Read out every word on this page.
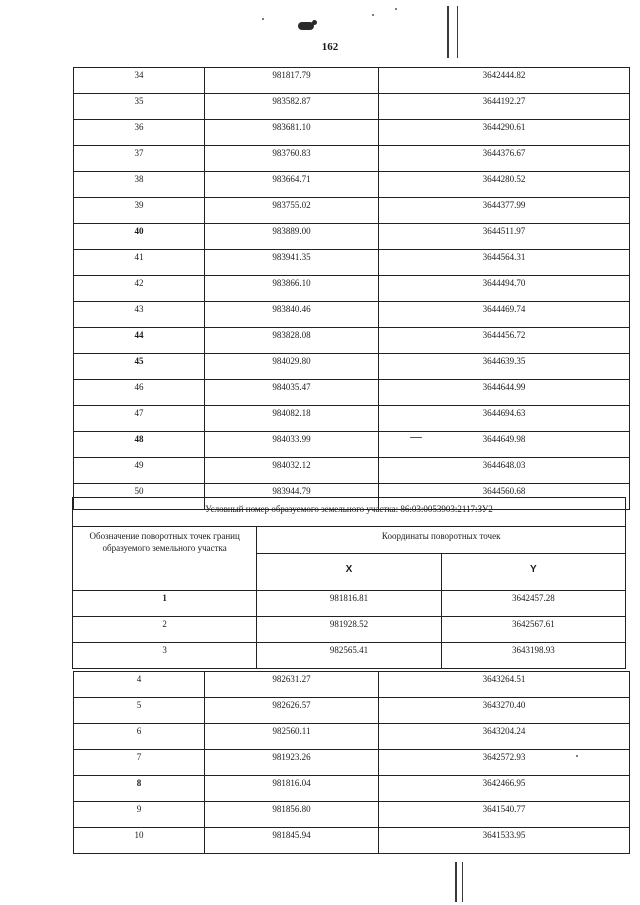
162
34	981817.79	3642444.82
35	983582.87	3644192.27
36	983681.10	3644290.61
37	983760.83	3644376.67
38	983664.71	3644280.52
39	983755.02	3644377.99
40	983889.00	3644511.97
41	983941.35	3644564.31
42	983866.10	3644494.70
43	983840.46	3644469.74
44	983828.08	3644456.72
45	984029.80	3644639.35
46	984035.47	3644644.99
47	984082.18	3644694.63
48	984033.99	3644649.98
49	984032.12	3644648.03
50	983944.79	3644560.68
Условный номер образуемого земельного участка: 86:03:0053903:2117:ЗУ2		
Обозначение поворотных точек границ образуемого земельного участка	Координаты поворотных точек	
	X	Y
1	981816.81	3642457.28
2	981928.52	3642567.61
3	982565.41	3643198.93
4	982631.27	3643264.51
5	982626.57	3643270.40
6	982560.11	3643204.24
7	981923.26	3642572.93
8	981816.04	3642466.95
9	981856.80	3641540.77
10	981845.94	3641533.95
